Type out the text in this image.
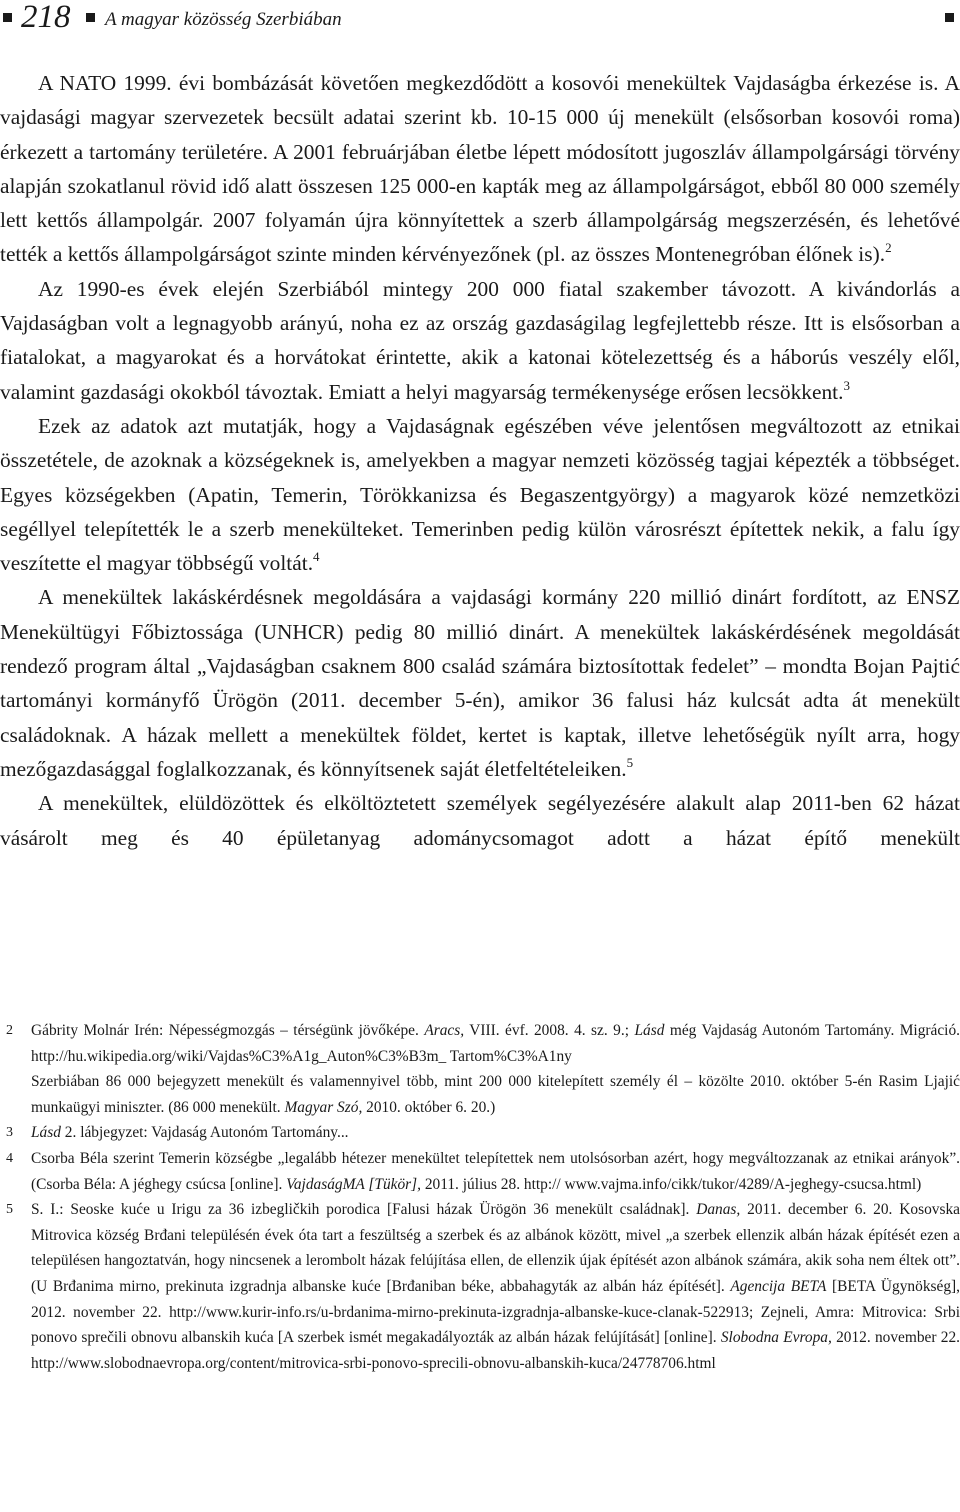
218 A magyar közösség Szerbiában

A NATO 1999. évi bombázását követően megkezdődött a kosovói menekültek Vajdaságba érkezése is. A vajdasági magyar szervezetek becsült adatai szerint kb. 10-15 000 új menekült (elsősorban kosovói roma) érkezett a tartomány területére. A 2001 februárjában életbe lépett módosított jugoszláv állampolgársági törvény alapján szokatlanul rövid idő alatt összesen 125 000-en kapták meg az állampolgárságot, ebből 80 000 személy lett kettős állampolgár. 2007 folyamán újra könnyítettek a szerb állampolgárság megszerzésén, és lehetővé tették a kettős állampolgárságot szinte minden kérvényezőnek (pl. az összes Montenegróban élőnek is).$^2$

Az 1990-es évek elején Szerbiából mintegy 200 000 fiatal szakember távozott. A kivándorlás a Vajdaságban volt a legnagyobb arányú, noha ez az ország gazdaságilag legfejlettebb része. Itt is elsősorban a fiatalokat, a magyarokat és a horvátokat érintette, akik a katonai kötelezettség és a háborús veszély elől, valamint gazdasági okokból távoztak. Emiatt a helyi magyarság termékenysége erősen lecsökkent.$^3$

Ezek az adatok azt mutatják, hogy a Vajdaságnak egészében véve jelentősen megváltozott az etnikai összetétele, de azoknak a községeknek is, amelyekben a magyar nemzeti közösség tagjai képezték a többséget. Egyes községekben (Apatin, Temerin, Törökkanizsa és Begaszentgyörgy) a magyarok közé nemzetközi segéllyel telepítették le a szerb menekülteket. Temerinben pedig külön városrészt építettek nekik, a falu így veszítette el magyar többségű voltát.$^4$

A menekültek lakáskérdésnek megoldására a vajdasági kormány 220 millió dinárt fordított, az ENSZ Menekültügyi Főbiztossága (UNHCR) pedig 80 millió dinárt. A menekültek lakáskérdésének megoldását rendező program által „Vajdaságban csaknem 800 család számára biztosítottak fedelet” – mondta Bojan Pajtić tartományi kormányfő Ürögön (2011. december 5-én), amikor 36 falusi ház kulcsát adta át menekült családoknak. A házak mellett a menekültek földet, kertet is kaptak, illetve lehetőségük nyílt arra, hogy mezőgazdasággal foglalkozzanak, és könnyítsenek saját életfeltételeiken.$^5$

A menekültek, elüldözöttek és elköltöztetett személyek segélyezésére alakult alap 2011-ben 62 házat vásárolt meg és 40 épületanyag adománycsomagot adott a házat építő menekült

2	Gábrity Molnár Irén: Népességmozgás – térségünk jövőképe. Aracs, VIII. évf. 2008. 4. sz. 9.; Lásd még Vajdaság Autonóm Tartomány. Migráció. http://hu.wikipedia.org/wiki/Vajdas%C3%A1g_Auton%C3%B3m_ Tartom%C3%A1ny
Szerbiában 86 000 bejegyzett menekült és valamennyivel több, mint 200 000 kitelepített személy él – közölte 2010. október 5-én Rasim Ljajić munkaügyi miniszter. (86 000 menekült. Magyar Szó, 2010. október 6. 20.)
3	Lásd 2. lábjegyzet: Vajdaság Autonóm Tartomány...
4	Csorba Béla szerint Temerin községbe „legalább hétezer menekültet telepítettek nem utolsósorban azért, hogy megváltozzanak az etnikai arányok”. (Csorba Béla: A jéghegy csúcsa [online]. VajdaságMA [Tükör], 2011. július 28. http:// www.vajma.info/cikk/tukor/4289/A-jeghegy-csucsa.html)
5	S. I.: Seoske kuće u Irigu za 36 izbegličkih porodica [Falusi házak Ürögön 36 menekült családnak]. Danas, 2011. december 6. 20. Kosovska Mitrovica község Brđani településén évek óta tart a feszültség a szerbek és az albánok között, mivel „a szerbek ellenzik albán házak építését ezen a településen hangoztatván, hogy nincsenek a lerombolt házak felújítása ellen, de ellenzik újak építését azon albánok számára, akik soha nem éltek ott”. (U Brđanima mirno, prekinuta izgradnja albanske kuće [Brđaniban béke, abbahagyták az albán ház építését]. Agencija BETA [BETA Ügynökség], 2012. november 22. http://www.kurir-info.rs/u-brdanima-mirno-prekinuta-izgradnja-albanske-kuce-clanak-522913; Zejneli, Amra: Mitrovica: Srbi ponovo sprečili obnovu albanskih kuća [A szerbek ismét megakadályozták az albán házak felújítását] [online]. Slobodna Evropa, 2012. november 22. http://www.slobodnaevropa.org/content/mitrovica-srbi-ponovo-sprecili-obnovu-albanskih-kuca/24778706.html
